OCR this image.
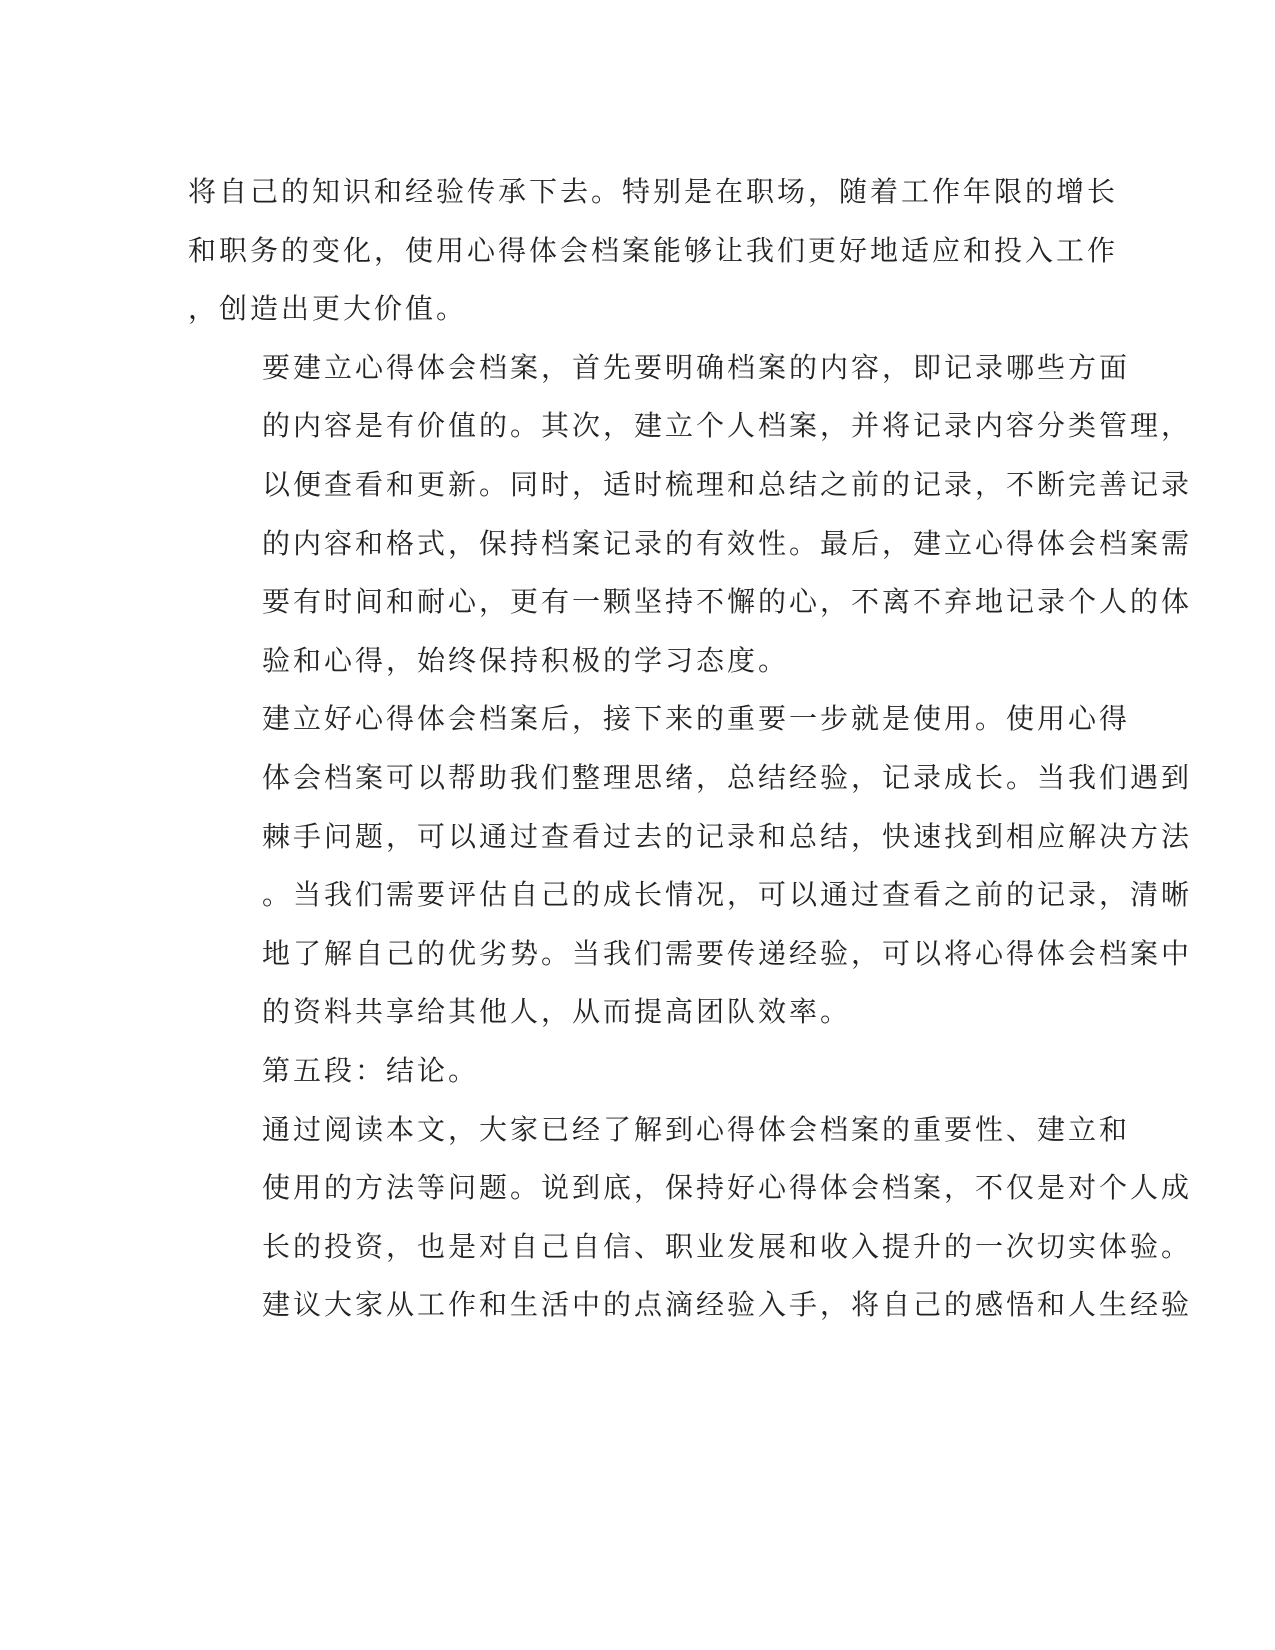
将自己的知识和经验传承下去。特别是在职场，随着工作年限的增长
和职务的变化，使用心得体会档案能够让我们更好地适应和投入工作
，创造出更大价值。

要建立心得体会档案，首先要明确档案的内容，即记录哪些方面
的内容是有价值的。其次，建立个人档案，并将记录内容分类管理，
以便查看和更新。同时，适时梳理和总结之前的记录，不断完善记录
的内容和格式，保持档案记录的有效性。最后，建立心得体会档案需
要有时间和耐心，更有一颗坚持不懈的心，不离不弃地记录个人的体
验和心得，始终保持积极的学习态度。

建立好心得体会档案后，接下来的重要一步就是使用。使用心得
体会档案可以帮助我们整理思绪，总结经验，记录成长。当我们遇到
棘手问题，可以通过查看过去的记录和总结，快速找到相应解决方法
。当我们需要评估自己的成长情况，可以通过查看之前的记录，清晰
地了解自己的优劣势。当我们需要传递经验，可以将心得体会档案中
的资料共享给其他人，从而提高团队效率。

第五段：结论。

通过阅读本文，大家已经了解到心得体会档案的重要性、建立和
使用的方法等问题。说到底，保持好心得体会档案，不仅是对个人成
长的投资，也是对自己自信、职业发展和收入提升的一次切实体验。
建议大家从工作和生活中的点滴经验入手，将自己的感悟和人生经验
